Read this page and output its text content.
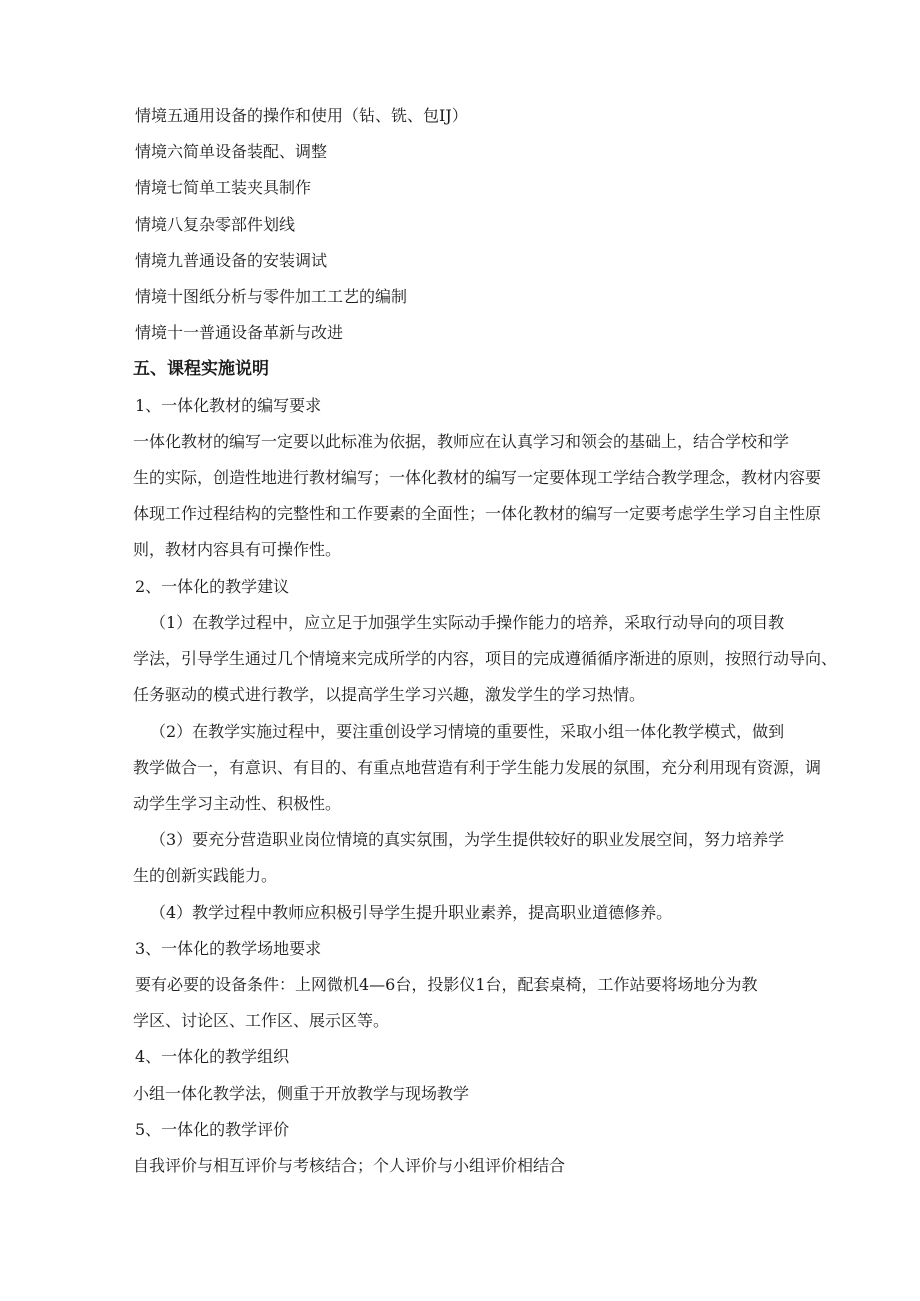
情境五通用设备的操作和使用（钻、铣、包IJ）
情境六简单设备装配、调整
情境七简单工装夹具制作
情境八复杂零部件划线
情境九普通设备的安装调试
情境十图纸分析与零件加工工艺的编制
情境十一普通设备革新与改进
五、课程实施说明
1、一体化教材的编写要求
一体化教材的编写一定要以此标准为依据，教师应在认真学习和领会的基础上，结合学校和学
生的实际，创造性地进行教材编写；一体化教材的编写一定要体现工学结合教学理念，教材内容要
体现工作过程结构的完整性和工作要素的全面性；一体化教材的编写一定要考虑学生学习自主性原
则，教材内容具有可操作性。
2、一体化的教学建议
（1）在教学过程中，应立足于加强学生实际动手操作能力的培养，采取行动导向的项目教
学法，引导学生通过几个情境来完成所学的内容，项目的完成遵循循序渐进的原则，按照行动导向、
任务驱动的模式进行教学，以提高学生学习兴趣，激发学生的学习热情。
（2）在教学实施过程中，要注重创设学习情境的重要性，采取小组一体化教学模式，做到
教学做合一，有意识、有目的、有重点地营造有利于学生能力发展的氛围，充分利用现有资源，调
动学生学习主动性、积极性。
（3）要充分营造职业岗位情境的真实氛围，为学生提供较好的职业发展空间，努力培养学
生的创新实践能力。
（4）教学过程中教师应积极引导学生提升职业素养，提高职业道德修养。
3、一体化的教学场地要求
要有必要的设备条件：上网微机4—6台，投影仪1台，配套桌椅，工作站要将场地分为教
学区、讨论区、工作区、展示区等。
4、一体化的教学组织
小组一体化教学法，侧重于开放教学与现场教学
5、一体化的教学评价
自我评价与相互评价与考核结合；个人评价与小组评价相结合
